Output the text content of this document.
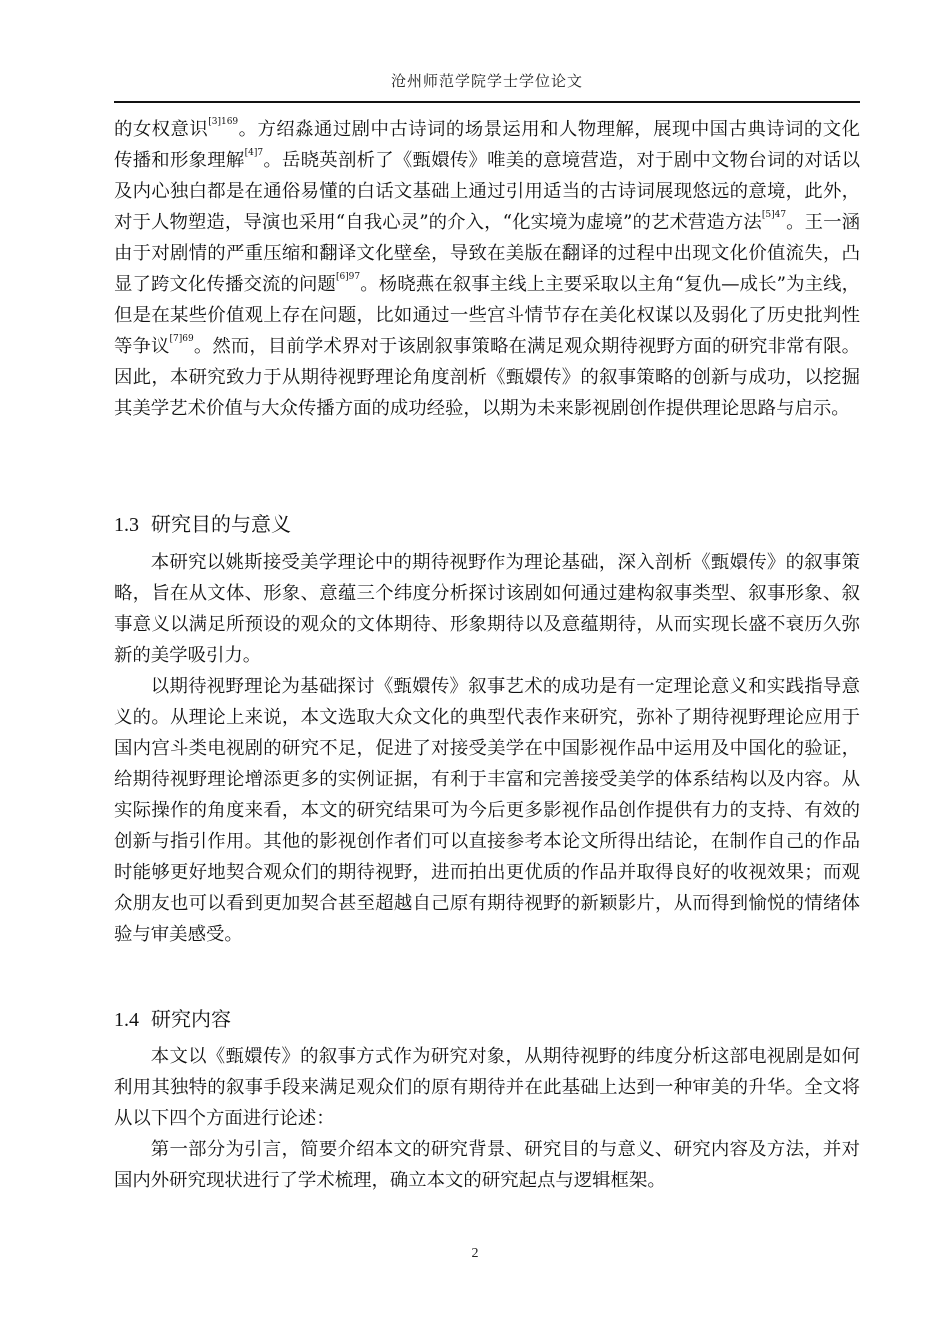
沧州师范学院学士学位论文

的女权意识$^{[3]169}$。方绍淼通过剧中古诗词的场景运用和人物理解，展现中国古典诗词的文化传播和形象理解$^{[4]7}$。岳晓英剖析了《甄嬛传》唯美的意境营造，对于剧中文物台词的对话以及内心独白都是在通俗易懂的白话文基础上通过引用适当的古诗词展现悠远的意境，此外，对于人物塑造，导演也采用“自我心灵”的介入，“化实境为虚境”的艺术营造方法$^{[5]47}$。王一涵由于对剧情的严重压缩和翻译文化壁垒，导致在美版在翻译的过程中出现文化价值流失，凸显了跨文化传播交流的问题$^{[6]97}$。杨晓燕在叙事主线上主要采取以主角“复仇—成长”为主线，但是在某些价值观上存在问题，比如通过一些宫斗情节存在美化权谋以及弱化了历史批判性等争议$^{[7]69}$。然而，目前学术界对于该剧叙事策略在满足观众期待视野方面的研究非常有限。因此，本研究致力于从期待视野理论角度剖析《甄嬛传》的叙事策略的创新与成功，以挖掘其美学艺术价值与大众传播方面的成功经验，以期为未来影视剧创作提供理论思路与启示。

1.3 研究目的与意义

本研究以姚斯接受美学理论中的期待视野作为理论基础，深入剖析《甄嬛传》的叙事策略，旨在从文体、形象、意蕴三个纬度分析探讨该剧如何通过建构叙事类型、叙事形象、叙事意义以满足所预设的观众的文体期待、形象期待以及意蕴期待，从而实现长盛不衰历久弥新的美学吸引力。

以期待视野理论为基础探讨《甄嬛传》叙事艺术的成功是有一定理论意义和实践指导意义的。从理论上来说，本文选取大众文化的典型代表作来研究，弥补了期待视野理论应用于国内宫斗类电视剧的研究不足，促进了对接受美学在中国影视作品中运用及中国化的验证，给期待视野理论增添更多的实例证据，有利于丰富和完善接受美学的体系结构以及内容。从实际操作的角度来看，本文的研究结果可为今后更多影视作品创作提供有力的支持、有效的创新与指引作用。其他的影视创作者们可以直接参考本论文所得出结论，在制作自己的作品时能够更好地契合观众们的期待视野，进而拍出更优质的作品并取得良好的收视效果；而观众朋友也可以看到更加契合甚至超越自己原有期待视野的新颖影片，从而得到愉悦的情绪体验与审美感受。

1.4 研究内容

本文以《甄嬛传》的叙事方式作为研究对象，从期待视野的纬度分析这部电视剧是如何利用其独特的叙事手段来满足观众们的原有期待并在此基础上达到一种审美的升华。全文将从以下四个方面进行论述：

第一部分为引言，简要介绍本文的研究背景、研究目的与意义、研究内容及方法，并对国内外研究现状进行了学术梳理，确立本文的研究起点与逻辑框架。

2
